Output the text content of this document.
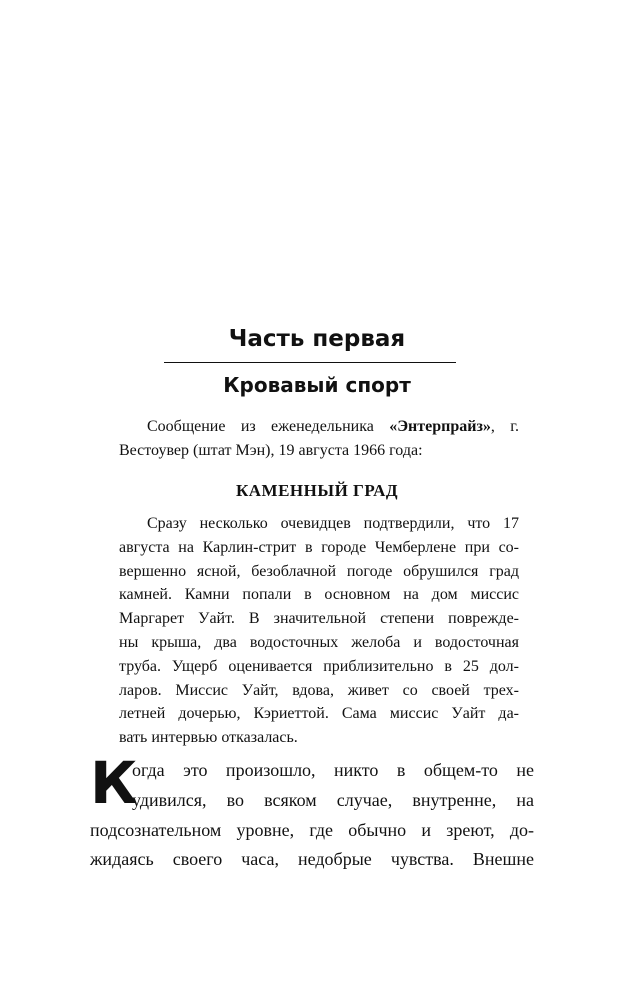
Часть первая
Кровавый спорт

Сообщение из еженедельника «Энтерпрайз», г. Вестоувер (штат Мэн), 19 августа 1966 года:

КАМЕННЫЙ ГРАД
Сразу несколько очевидцев подтвердили, что 17
августа на Карлин-стрит в городе Чемберлене при со-
вершенно ясной, безоблачной погоде обрушился град
камней. Камни попали в основном на дом миссис
Маргарет Уайт. В значительной степени поврежде-
ны крыша, два водосточных желоба и водосточная
труба. Ущерб оценивается приблизительно в 25 дол-
ларов. Миссис Уайт, вдова, живет со своей трех-
летней дочерью, Кэриеттой. Сама миссис Уайт да-
вать интервью отказалась.
К
огда это произошло, никто в общем-то не
удивился, во всяком случае, внутренне, на
подсознательном уровне, где обычно и зреют, до-
жидаясь своего часа, недобрые чувства. Внешне
